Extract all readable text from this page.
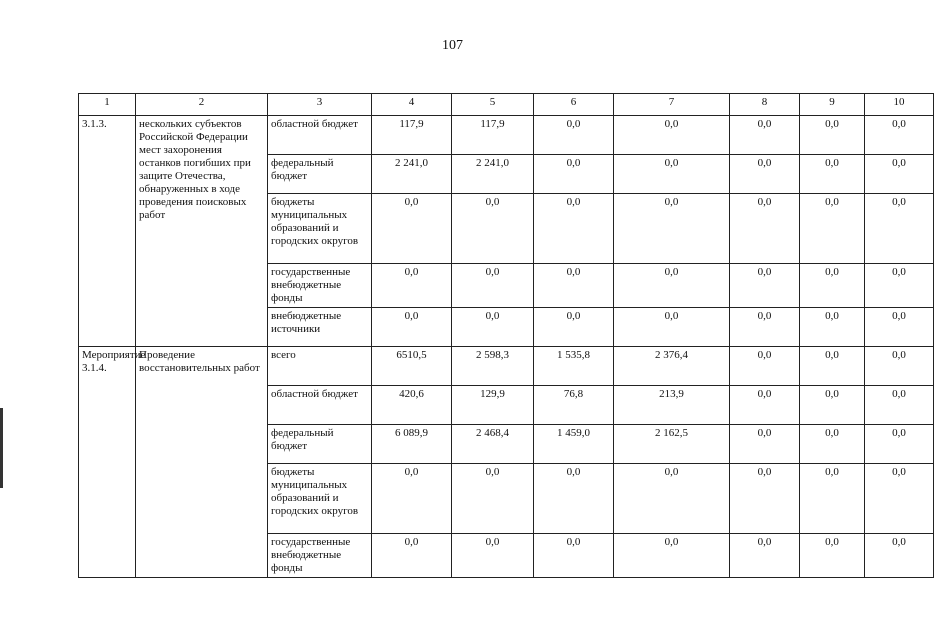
107
1	2	3	4	5	6	7	8	9	10
3.1.3.	нескольких субъектов Российской Федерации мест захоронения останков погибших при защите Отечества, обнаруженных в ходе проведения поисковых работ	областной бюджет	117,9	117,9	0,0	0,0	0,0	0,0	0,0
		федеральный бюджет	2 241,0	2 241,0	0,0	0,0	0,0	0,0	0,0
		бюджеты муниципальных образований и городских округов	0,0	0,0	0,0	0,0	0,0	0,0	0,0
		государственные внебюджетные фонды	0,0	0,0	0,0	0,0	0,0	0,0	0,0
		внебюджетные источники	0,0	0,0	0,0	0,0	0,0	0,0	0,0
Мероприятие 3.1.4.	Проведение восстановительных работ	всего	6510,5	2 598,3	1 535,8	2 376,4	0,0	0,0	0,0
		областной бюджет	420,6	129,9	76,8	213,9	0,0	0,0	0,0
		федеральный бюджет	6 089,9	2 468,4	1 459,0	2 162,5	0,0	0,0	0,0
		бюджеты муниципальных образований и городских округов	0,0	0,0	0,0	0,0	0,0	0,0	0,0
		государственные внебюджетные фонды	0,0	0,0	0,0	0,0	0,0	0,0	0,0
